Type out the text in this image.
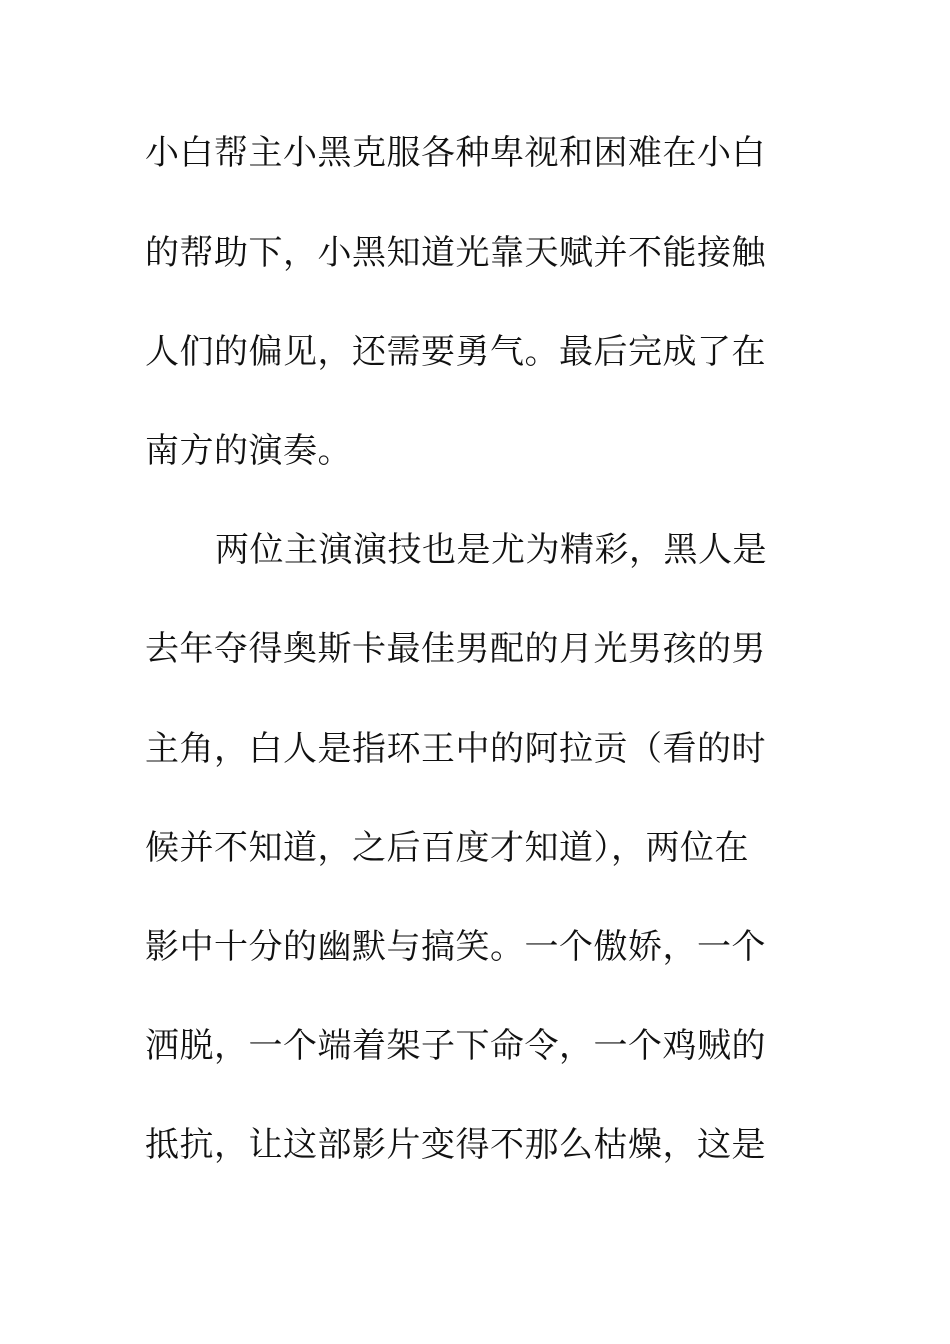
小白帮主小黑克服各种卑视和困难在小白
的帮助下，小黑知道光靠天赋并不能接触
人们的偏见，还需要勇气。最后完成了在
南方的演奏。
两位主演演技也是尤为精彩，黑人是
去年夺得奥斯卡最佳男配的月光男孩的男
主角，白人是指环王中的阿拉贡（看的时
候并不知道，之后百度才知道），两位在
影中十分的幽默与搞笑。一个傲娇，一个
洒脱，一个端着架子下命令，一个鸡贼的
抵抗，让这部影片变得不那么枯燥，这是
